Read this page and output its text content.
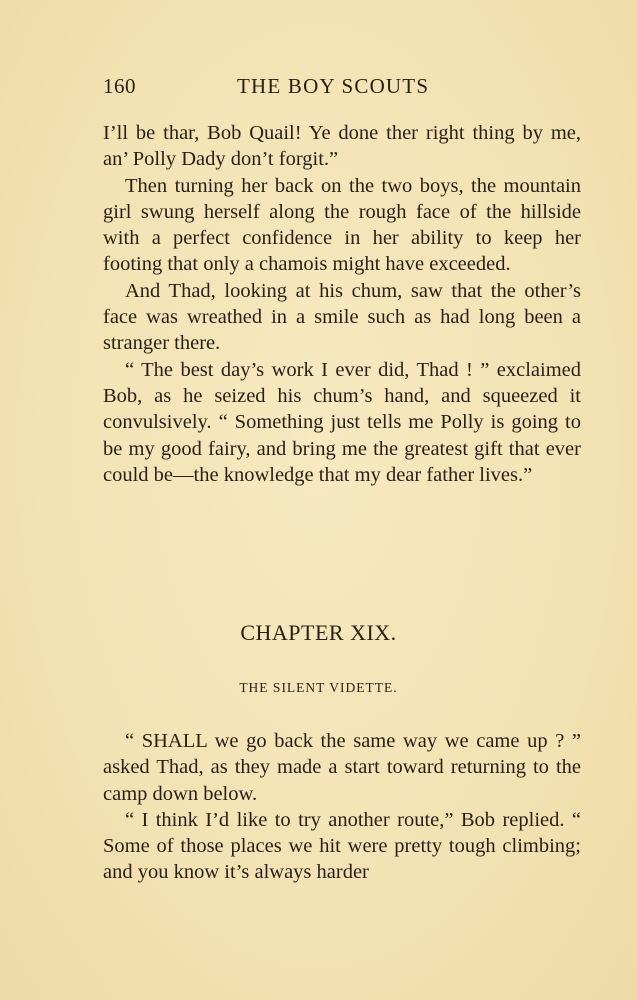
160	THE BOY SCOUTS

I’ll be thar, Bob Quail! Ye done ther right thing by me, an’ Polly Dady don’t forgit.”

Then turning her back on the two boys, the mountain girl swung herself along the rough face of the hillside with a perfect confidence in her ability to keep her footing that only a chamois might have exceeded.

And Thad, looking at his chum, saw that the other’s face was wreathed in a smile such as had long been a stranger there.

“ The best day’s work I ever did, Thad ! ” exclaimed Bob, as he seized his chum’s hand, and squeezed it convulsively. “ Something just tells me Polly is going to be my good fairy, and bring me the greatest gift that ever could be—the knowledge that my dear father lives.”

CHAPTER XIX.
THE SILENT VIDETTE.

“ SHALL we go back the same way we came up ? ” asked Thad, as they made a start toward returning to the camp down below.

“ I think I’d like to try another route,” Bob replied. “ Some of those places we hit were pretty tough climbing; and you know it’s always harder
